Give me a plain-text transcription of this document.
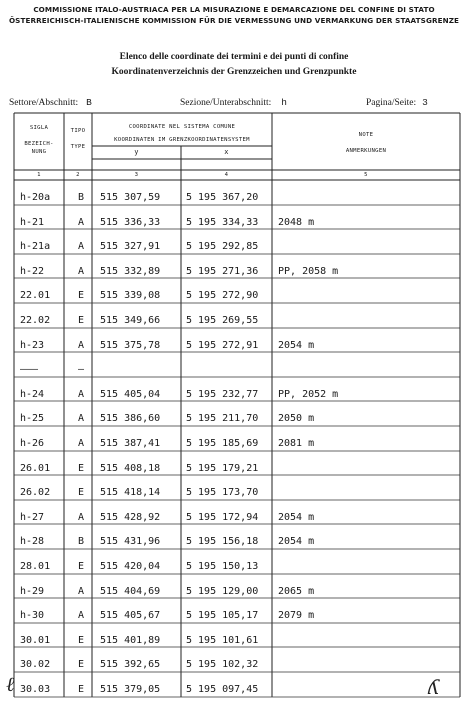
COMMISSIONE ITALO-AUSTRIACA PER LA MISURAZIONE E DEMARCAZIONE DEL CONFINE DI STATO
ÖSTERREICHISCH-ITALIENISCHE KOMMISSION FÜR DIE VERMESSUNG UND VERMARKUNG DER STAATSGRENZE
Elenco delle coordinate dei termini e dei punti di confine
Koordinatenverzeichnis der Grenzzeichen und Grenzpunkte
Settore/Abschnitt: B	Sezione/Unterabschnitt: h	Pagina/Seite: 3
SIGLA
BEZEICH-
NUNG
TIPO
TYPE
COORDINATE NEL SISTEMA COMUNE
KOORDINATEN IM GRENZKOORDINATENSYSTEM
y	x
NOTE
ANMERKUNGEN
1	2	3	4	5
h-20a	B	515 307,59	5 195 367,20
h-21	A	515 336,33	5 195 334,33	2048 m
h-21a	A	515 327,91	5 195 292,85
h-22	A	515 332,89	5 195 271,36	PP, 2058 m
22.01	E	515 339,08	5 195 272,90
22.02	E	515 349,66	5 195 269,55
h-23	A	515 375,78	5 195 272,91	2054 m
———	—
h-24	A	515 405,04	5 195 232,77	PP, 2052 m
h-25	A	515 386,60	5 195 211,70	2050 m
h-26	A	515 387,41	5 195 185,69	2081 m
26.01	E	515 408,18	5 195 179,21
26.02	E	515 418,14	5 195 173,70
h-27	A	515 428,92	5 195 172,94	2054 m
h-28	B	515 431,96	5 195 156,18	2054 m
28.01	E	515 420,04	5 195 150,13
h-29	A	515 404,69	5 195 129,00	2065 m
h-30	A	515 405,67	5 195 105,17	2079 m
30.01	E	515 401,89	5 195 101,61
30.02	E	515 392,65	5 195 102,32
30.03	E	515 379,05	5 195 097,45
ℓ	ʎ
